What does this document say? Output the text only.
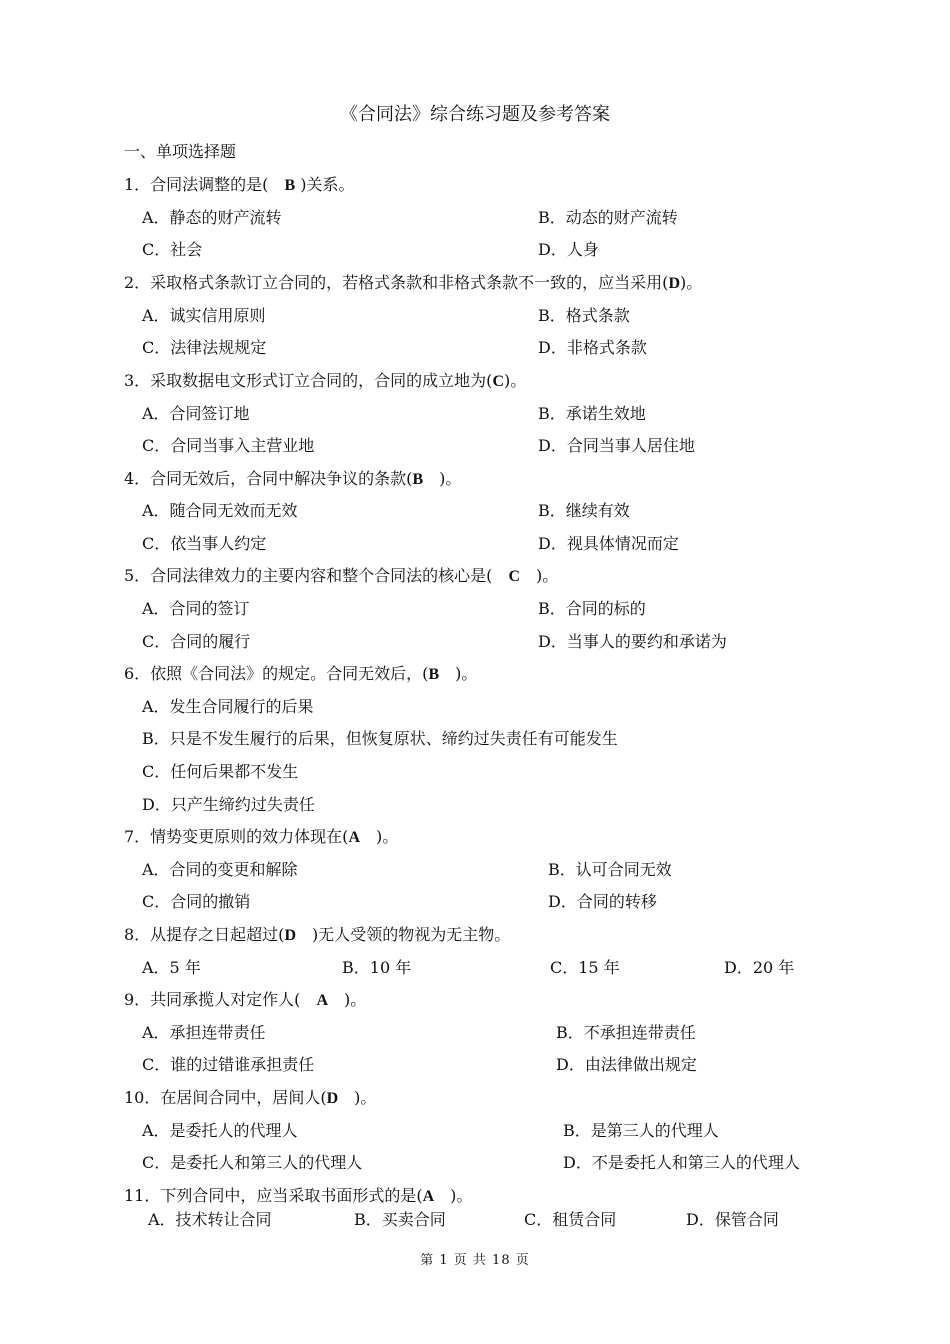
《合同法》综合练习题及参考答案
一、单项选择题
1．合同法调整的是(　B )关系。
A．静态的财产流转	B．动态的财产流转
C．社会	D．人身
2．采取格式条款订立合同的，若格式条款和非格式条款不一致的，应当采用(D)。
A．诚实信用原则	B．格式条款
C．法律法规规定	D．非格式条款
3．采取数据电文形式订立合同的，合同的成立地为(C)。
A．合同签订地	B．承诺生效地
C．合同当事入主营业地	D．合同当事人居住地
4．合同无效后，合同中解决争议的条款(B　)。
A．随合同无效而无效	B．继续有效
C．依当事人约定	D．视具体情况而定
5．合同法律效力的主要内容和整个合同法的核心是(　C　)。
A．合同的签订	B．合同的标的
C．合同的履行	D．当事人的要约和承诺为
6．依照《合同法》的规定。合同无效后，(B　)。
A．发生合同履行的后果
B．只是不发生履行的后果，但恢复原状、缔约过失责任有可能发生
C．任何后果都不发生
D．只产生缔约过失责任
7．情势变更原则的效力体现在(A　)。
A．合同的变更和解除	B．认可合同无效
C．合同的撤销	D．合同的转移
8．从提存之日起超过(D　)无人受领的物视为无主物。
A．5 年	B．10 年	C．15 年	D．20 年
9．共同承揽人对定作人(　A　)。
A．承担连带责任	B．不承担连带责任
C．谁的过错谁承担责任	D．由法律做出规定
10．在居间合同中，居间人(D　)。
A．是委托人的代理人	B．是第三人的代理人
C．是委托人和第三人的代理人	D．不是委托人和第三人的代理人
11．下列合同中，应当采取书面形式的是(A　)。
A．技术转让合同	B．买卖合同	C．租赁合同	D．保管合同
第 1 页 共 18 页
